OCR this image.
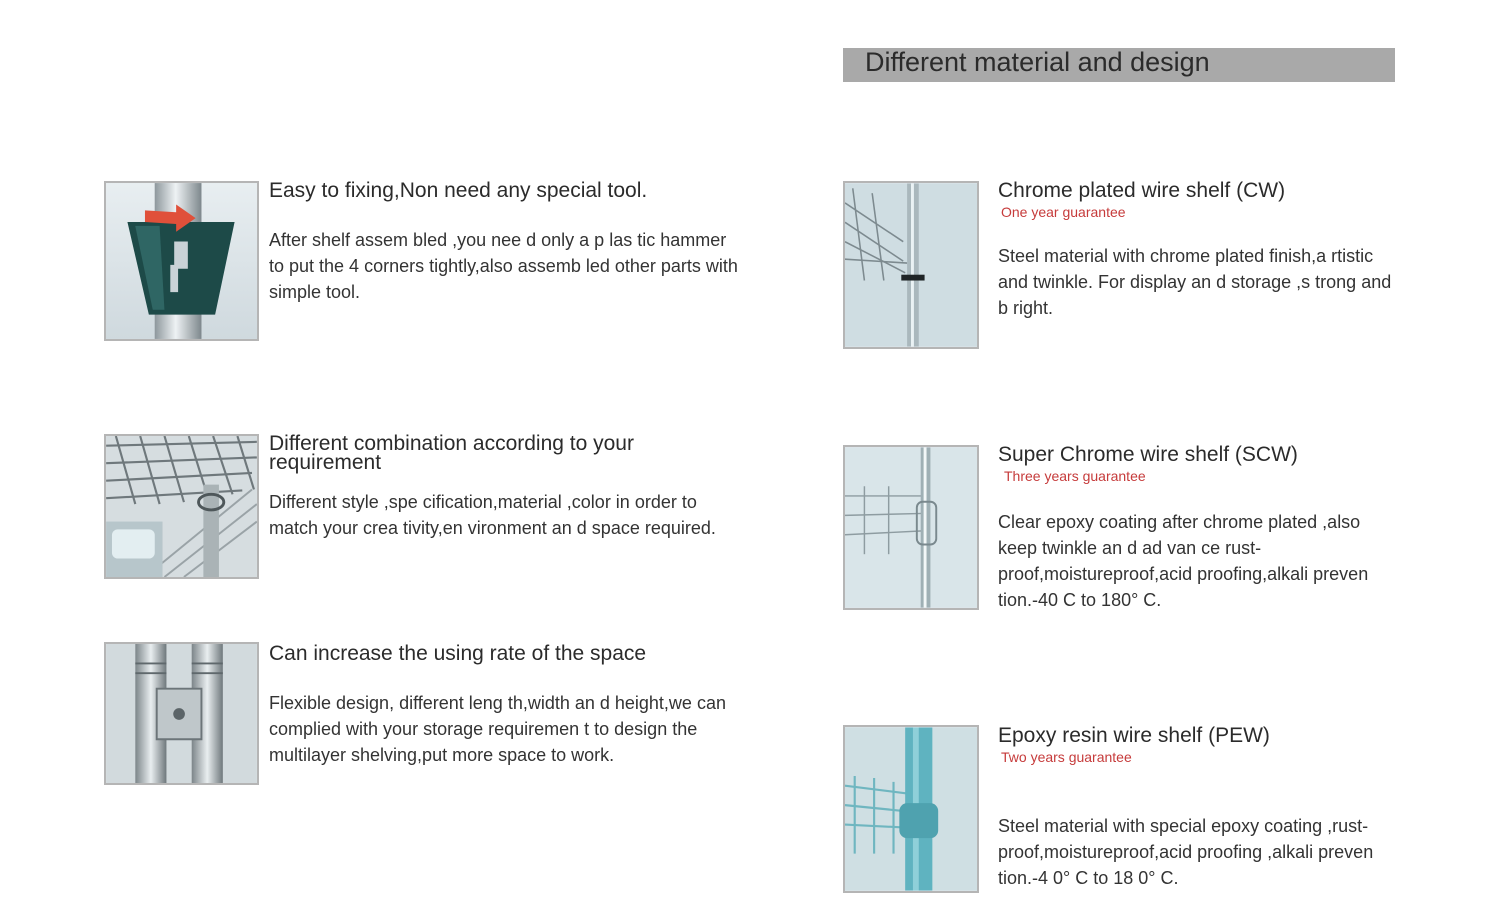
Different material and design
Easy to fixing,Non need any special tool.
After shelf assem bled ,you nee d only a p las tic hammer to put the 4 corners tightly,also assemb led other parts with simple tool.
Different combination according to your requirement
Different style ,spe cification,material ,color in order to match your crea tivity,en vironment an d space required.
Can increase the using rate of the space
Flexible design, different leng th,width an d height,we can complied with your storage requiremen t to design the multilayer shelving,put more space to work.
Chrome plated wire shelf (CW)
One year guarantee
Steel material with chrome plated finish,a rtistic and twinkle. For display an d storage ,s trong and b right.
Super Chrome wire shelf (SCW)
Three years guarantee
Clear epoxy coating after chrome plated ,also keep twinkle an d ad van ce rust-proof,moistureproof,acid proofing,alkali preven tion.-40 C to 180° C.
Epoxy resin wire shelf (PEW)
Two years guarantee
Steel material with special epoxy coating ,rust-proof,moistureproof,acid proofing ,alkali preven tion.-4 0° C to 18 0° C.
